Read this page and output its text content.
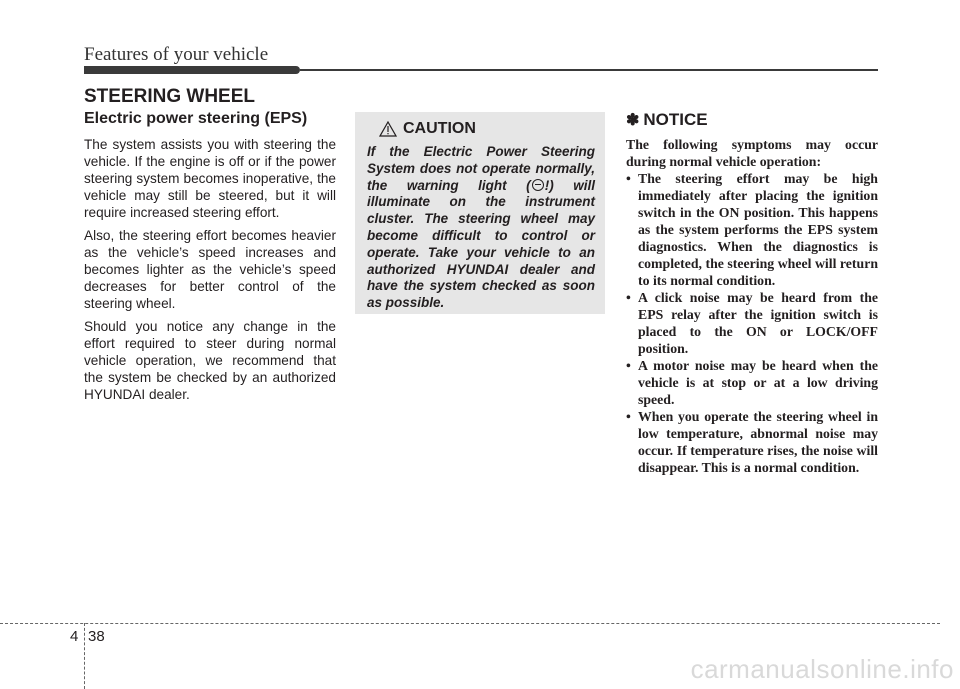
Features of your vehicle
STEERING WHEEL
Electric power steering (EPS)

The system assists you with steering the vehicle. If the engine is off or if the power steering system becomes inoperative, the vehicle may still be steered, but it will require increased steering effort.

Also, the steering effort becomes heavier as the vehicle’s speed increases and becomes lighter as the vehicle’s speed decreases for better control of the steering wheel.

Should you notice any change in the effort required to steer during normal vehicle operation, we recommend that the system be checked by an authorized HYUNDAI dealer.

CAUTION
If the Electric Power Steering System does not operate normally, the warning light ( !) will illuminate on the instrument cluster. The steering wheel may become difficult to control or operate. Take your vehicle to an authorized HYUNDAI dealer and have the system checked as soon as possible.
✽ NOTICE

The following symptoms may occur during normal vehicle operation:

• The steering effort may be high immediately after placing the ignition switch in the ON position. This happens as the system performs the EPS system diagnostics. When the diagnostics is completed, the steering wheel will return to its normal condition.
• A click noise may be heard from the EPS relay after the ignition switch is placed to the ON or LOCK/OFF position.
• A motor noise may be heard when the vehicle is at stop or at a low driving speed.
• When you operate the steering wheel in low temperature, abnormal noise may occur. If temperature rises, the noise will disappear. This is a normal condition.
4 38
carmanualsonline.info
